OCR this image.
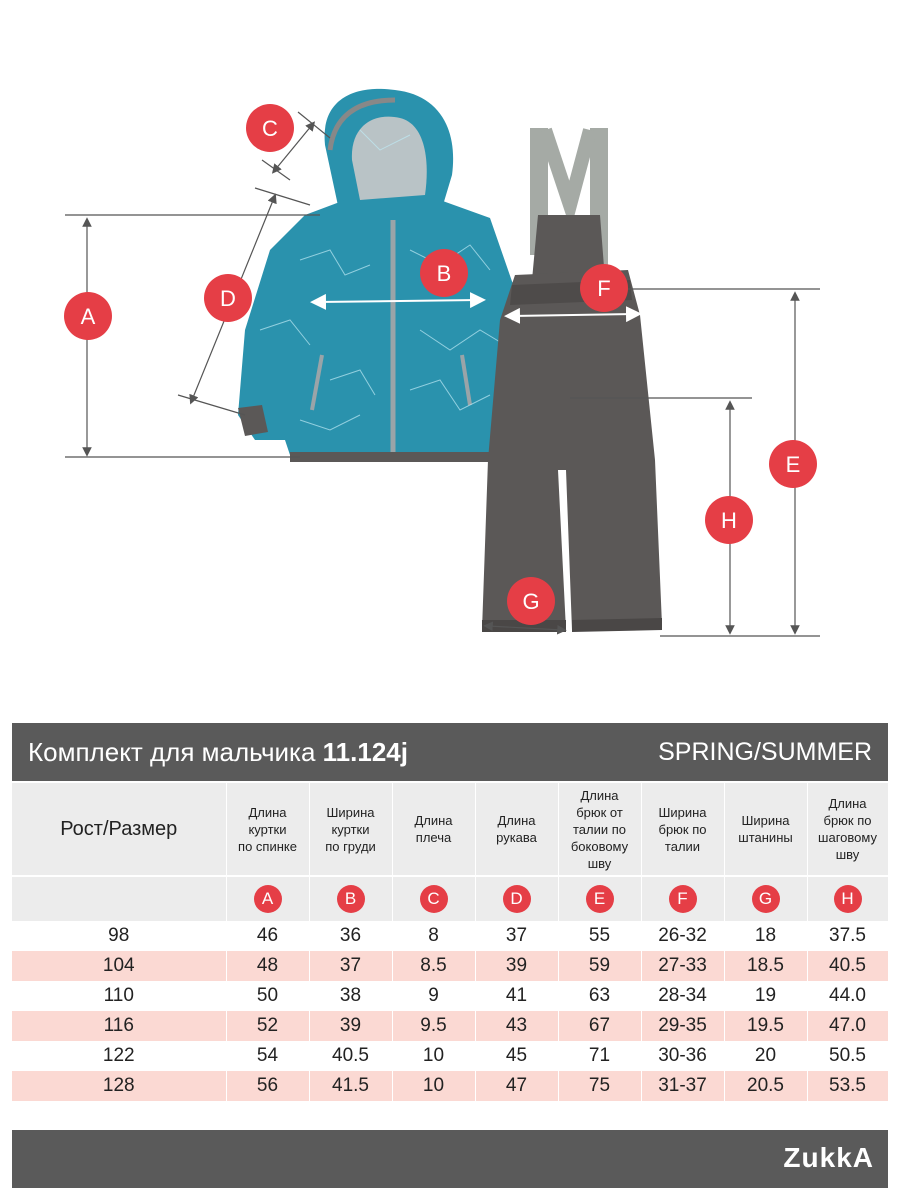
A
B
C
D
E
F
G
H
Комплект для мальчика 11.124j	SPRING/SUMMER
Рост/Размер	Длина
куртки
по спинке	Ширина
куртки
по груди	Длина
плеча	Длина
рукава	Длина
брюк от
талии по
боковому
шву	Ширина
брюк по
талии	Ширина
штанины	Длина
брюк по
шаговому
шву
	A	B	C	D	E	F	G	H
98	46	36	8	37	55	26-32	18	37.5
104	48	37	8.5	39	59	27-33	18.5	40.5
110	50	38	9	41	63	28-34	19	44.0
116	52	39	9.5	43	67	29-35	19.5	47.0
122	54	40.5	10	45	71	30-36	20	50.5
128	56	41.5	10	47	75	31-37	20.5	53.5
ZukkA
